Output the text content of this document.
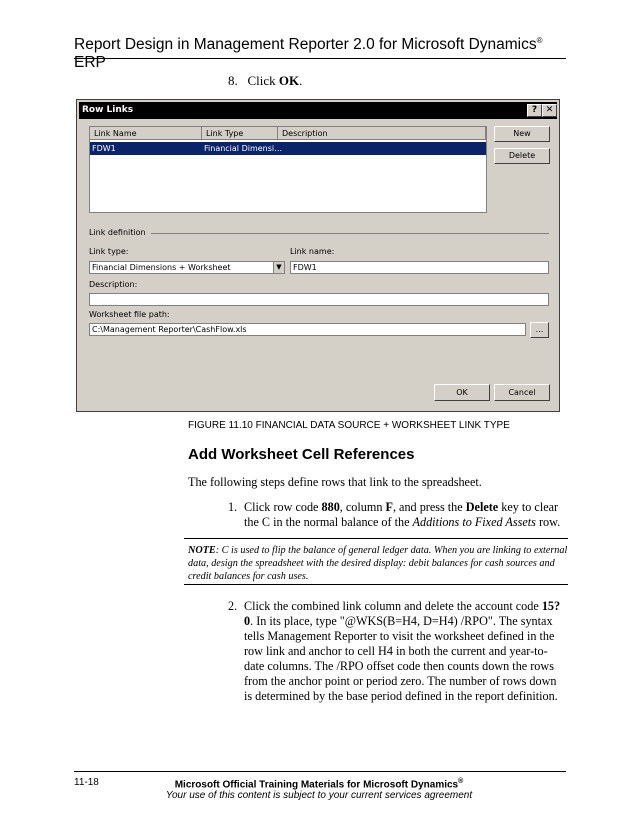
Report Design in Management Reporter 2.0 for Microsoft Dynamics® ERP
8.   Click OK.
Row Links	? ✕
Link Name	Link Type	Description
FDW1	Financial Dimensi…
New
Delete
Link definition
Link type:
Financial Dimensions + Worksheet	▼
Link name:
FDW1
Description:
Worksheet file path:
C:\Management Reporter\CashFlow.xls	...
OK	Cancel
FIGURE 11.10 FINANCIAL DATA SOURCE + WORKSHEET LINK TYPE
Add Worksheet Cell References
The following steps define rows that link to the spreadsheet.
1. Click row code 880, column F, and press the Delete key to clear the C in the normal balance of the Additions to Fixed Assets row.
NOTE: C is used to flip the balance of general ledger data. When you are linking to external data, design the spreadsheet with the desired display: debit balances for cash sources and credit balances for cash uses.
2. Click the combined link column and delete the account code 15?0. In its place, type "@WKS(B=H4, D=H4) /RPO". The syntax tells Management Reporter to visit the worksheet defined in the row link and anchor to cell H4 in both the current and year-to-date columns. The /RPO offset code then counts down the rows from the anchor point or period zero. The number of rows down is determined by the base period defined in the report definition.
11-18	Microsoft Official Training Materials for Microsoft Dynamics®
Your use of this content is subject to your current services agreement
